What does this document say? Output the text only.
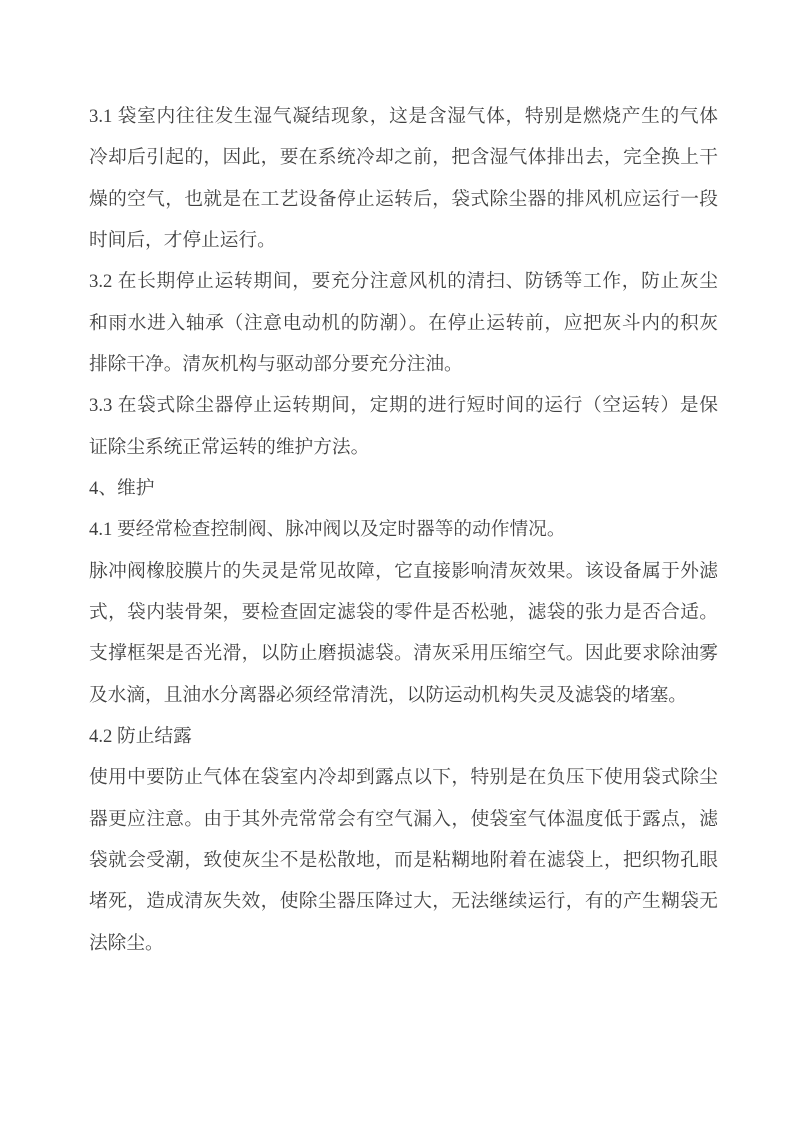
3.1 袋室内往往发生湿气凝结现象，这是含湿气体，特别是燃烧产生的气体
冷却后引起的，因此，要在系统冷却之前，把含湿气体排出去，完全换上干
燥的空气，也就是在工艺设备停止运转后，袋式除尘器的排风机应运行一段
时间后，才停止运行。

3.2 在长期停止运转期间，要充分注意风机的清扫、防锈等工作，防止灰尘
和雨水进入轴承（注意电动机的防潮）。在停止运转前，应把灰斗内的积灰
排除干净。清灰机构与驱动部分要充分注油。

3.3 在袋式除尘器停止运转期间，定期的进行短时间的运行（空运转）是保
证除尘系统正常运转的维护方法。

4、维护

4.1 要经常检查控制阀、脉冲阀以及定时器等的动作情况。

脉冲阀橡胶膜片的失灵是常见故障，它直接影响清灰效果。该设备属于外滤
式，袋内装骨架，要检查固定滤袋的零件是否松驰，滤袋的张力是否合适。
支撑框架是否光滑，以防止磨损滤袋。清灰采用压缩空气。因此要求除油雾
及水滴，且油水分离器必须经常清洗，以防运动机构失灵及滤袋的堵塞。

4.2 防止结露

使用中要防止气体在袋室内冷却到露点以下，特别是在负压下使用袋式除尘
器更应注意。由于其外壳常常会有空气漏入，使袋室气体温度低于露点，滤
袋就会受潮，致使灰尘不是松散地，而是粘糊地附着在滤袋上，把织物孔眼
堵死，造成清灰失效，使除尘器压降过大，无法继续运行，有的产生糊袋无
法除尘。
